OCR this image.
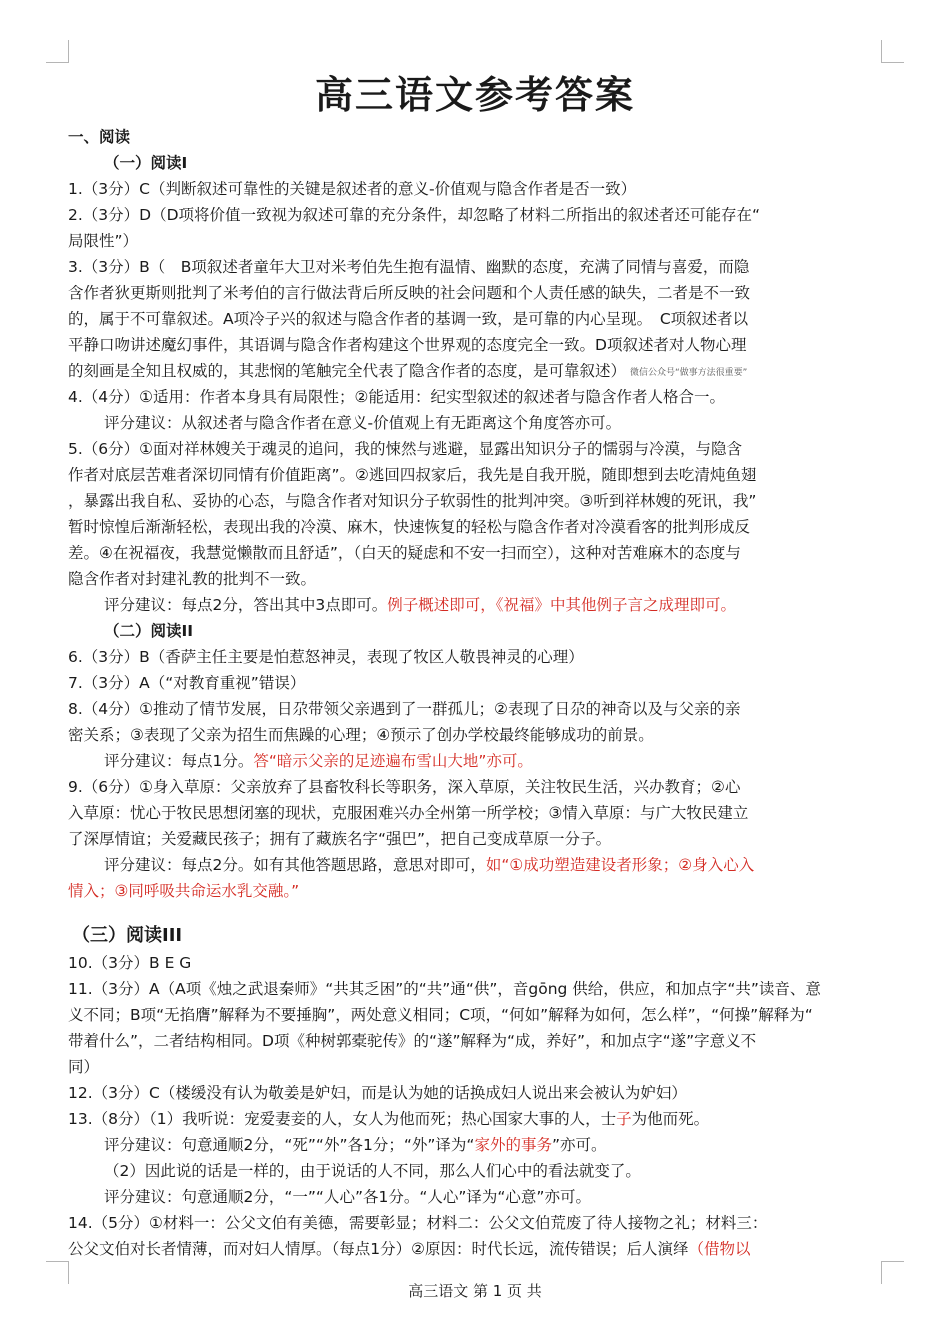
高三语文参考答案
一、阅读
（一）阅读I
1.（3分）C（判断叙述可靠性的关键是叙述者的意义-价值观与隐含作者是否一致）
2.（3分）D（D项将价值一致视为叙述可靠的充分条件，却忽略了材料二所指出的叙述者还可能存在“
局限性”）
3.（3分）B（　B项叙述者童年大卫对米考伯先生抱有温情、幽默的态度，充满了同情与喜爱，而隐
含作者狄更斯则批判了米考伯的言行做法背后所反映的社会问题和个人责任感的缺失，二者是不一致
的，属于不可靠叙述。A项冷子兴的叙述与隐含作者的基调一致，是可靠的内心呈现。　C项叙述者以
平静口吻讲述魔幻事件，其语调与隐含作者构建这个世界观的态度完全一致。D项叙述者对人物心理
的刻画是全知且权威的，其悲悯的笔触完全代表了隐含作者的态度，是可靠叙述） 微信公众号“做事方法很重要”
4.（4分）①适用：作者本身具有局限性；②能适用：纪实型叙述的叙述者与隐含作者人格合一。
评分建议：从叙述者与隐含作者在意义-价值观上有无距离这个角度答亦可。
5.（6分）①面对祥林嫂关于魂灵的追问，我的悚然与逃避，显露出知识分子的懦弱与冷漠，与隐含
作者对底层苦难者深切同情有价值距离”。②逃回四叔家后，我先是自我开脱，随即想到去吃清炖鱼翅
，暴露出我自私、妥协的心态，与隐含作者对知识分子软弱性的批判冲突。③听到祥林嫂的死讯，我”
暂时惊惶后渐渐轻松，表现出我的冷漠、麻木，快速恢复的轻松与隐含作者对冷漠看客的批判形成反
差。④在祝福夜，我慧觉懒散而且舒适”，（白天的疑虑和不安一扫而空），这种对苦难麻木的态度与
隐含作者对封建礼教的批判不一致。
评分建议：每点2分，答出其中3点即可。例子概述即可，《祝福》中其他例子言之成理即可。
（二）阅读II
6.（3分）B（香萨主任主要是怕惹怒神灵，表现了牧区人敬畏神灵的心理）
7.（3分）A（“对教育重视”错误）
8.（4分）①推动了情节发展，日尕带领父亲遇到了一群孤儿；②表现了日尕的神奇以及与父亲的亲
密关系；③表现了父亲为招生而焦躁的心理；④预示了创办学校最终能够成功的前景。
评分建议：每点1分。答“暗示父亲的足迹遍布雪山大地”亦可。
9.（6分）①身入草原：父亲放弃了县畜牧科长等职务，深入草原，关注牧民生活，兴办教育；②心
入草原：忧心于牧民思想闭塞的现状，克服困难兴办全州第一所学校；③情入草原：与广大牧民建立
了深厚情谊；关爱藏民孩子；拥有了藏族名字“强巴”，把自己变成草原一分子。
评分建议：每点2分。如有其他答题思路，意思对即可，如“①成功塑造建设者形象；②身入心入
情入；③同呼吸共命运水乳交融。”
（三）阅读III
10.（3分）B E G
11.（3分）A（A项《烛之武退秦师》“共其乏困”的“共”通“供”，音gōng 供给，供应，和加点字“共”读音、意
义不同；B项“无掐膺”解释为不要捶胸”，两处意义相同；C项，“何如”解释为如何，怎么样”，“何操”解释为“
带着什么”，二者结构相同。D项《种树郭橐驼传》的“遂”解释为“成，养好”，和加点字“遂”字意义不
同）
12.（3分）C（楼缓没有认为敬姜是妒妇，而是认为她的话换成妇人说出来会被认为妒妇）
13.（8分）（1）我听说：宠爱妻妾的人，女人为他而死；热心国家大事的人，士子为他而死。
评分建议：句意通顺2分，“死”“外”各1分；“外”译为“家外的事务”亦可。
（2）因此说的话是一样的，由于说话的人不同，那么人们心中的看法就变了。
评分建议：句意通顺2分，“一”“人心”各1分。“人心”译为“心意”亦可。
14.（5分）①材料一：公父文伯有美德，需要彰显；材料二：公父文伯荒废了待人接物之礼；材料三：
公父文伯对长者情薄，而对妇人情厚。（每点1分）②原因：时代长远，流传错误；后人演绎（借物以
高三语文 第 1 页 共
